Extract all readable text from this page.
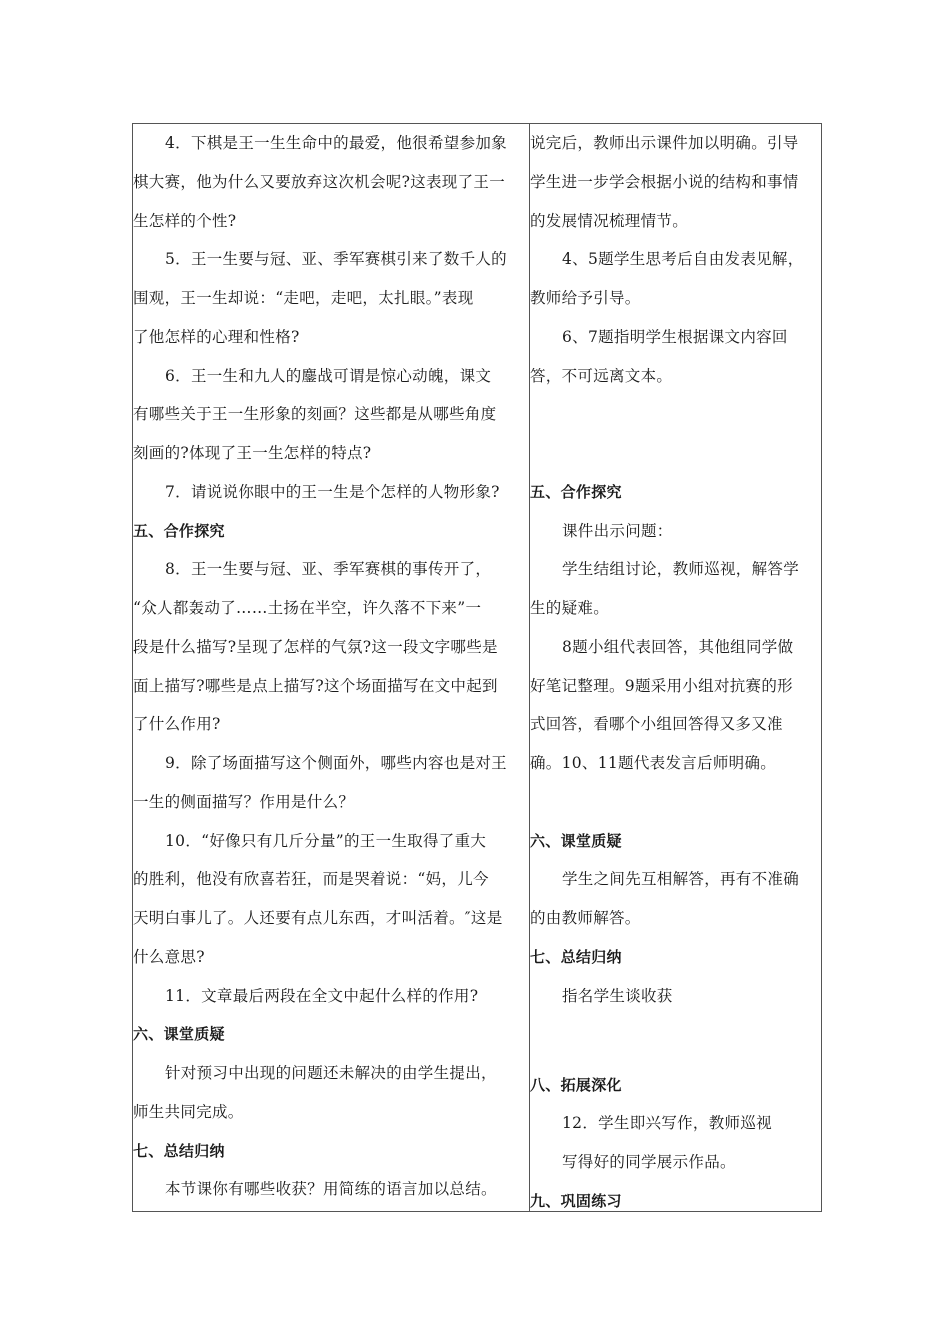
4．下棋是王一生生命中的最爱，他很希望参加象
棋大赛，他为什么又要放弃这次机会呢?这表现了王一
生怎样的个性?
5．王一生要与冠、亚、季军赛棋引来了数千人的
围观，王一生却说：“走吧，走吧，太扎眼。”表现
了他怎样的心理和性格?
6．王一生和九人的鏖战可谓是惊心动魄，课文
有哪些关于王一生形象的刻画？这些都是从哪些角度
刻画的?体现了王一生怎样的特点?
7．请说说你眼中的王一生是个怎样的人物形象?
五、合作探究
8．王一生要与冠、亚、季军赛棋的事传开了，
“众人都轰动了……土扬在半空，许久落不下来”一
段是什么描写?呈现了怎样的气氛?这一段文字哪些是
面上描写?哪些是点上描写?这个场面描写在文中起到
了什么作用?
9．除了场面描写这个侧面外，哪些内容也是对王
一生的侧面描写？作用是什么？
10．“好像只有几斤分量”的王一生取得了重大
的胜利，他没有欣喜若狂，而是哭着说：“妈，儿今
天明白事儿了。人还要有点儿东西，才叫活着。″这是
什么意思?
11．文章最后两段在全文中起什么样的作用?
六、课堂质疑
针对预习中出现的问题还未解决的由学生提出，
师生共同完成。
七、总结归纳
本节课你有哪些收获？用简练的语言加以总结。
说完后，教师出示课件加以明确。引导
学生进一步学会根据小说的结构和事情
的发展情况梳理情节。
4、5题学生思考后自由发表见解，
教师给予引导。
6、7题指明学生根据课文内容回
答，不可远离文本。
五、合作探究
课件出示问题：
学生结组讨论，教师巡视，解答学
生的疑难。
8题小组代表回答，其他组同学做
好笔记整理。9题采用小组对抗赛的形
式回答，看哪个小组回答得又多又准
确。10、11题代表发言后师明确。
六、课堂质疑
学生之间先互相解答，再有不准确
的由教师解答。
七、总结归纳
指名学生谈收获
八、拓展深化
12．学生即兴写作，教师巡视
写得好的同学展示作品。
九、巩固练习
